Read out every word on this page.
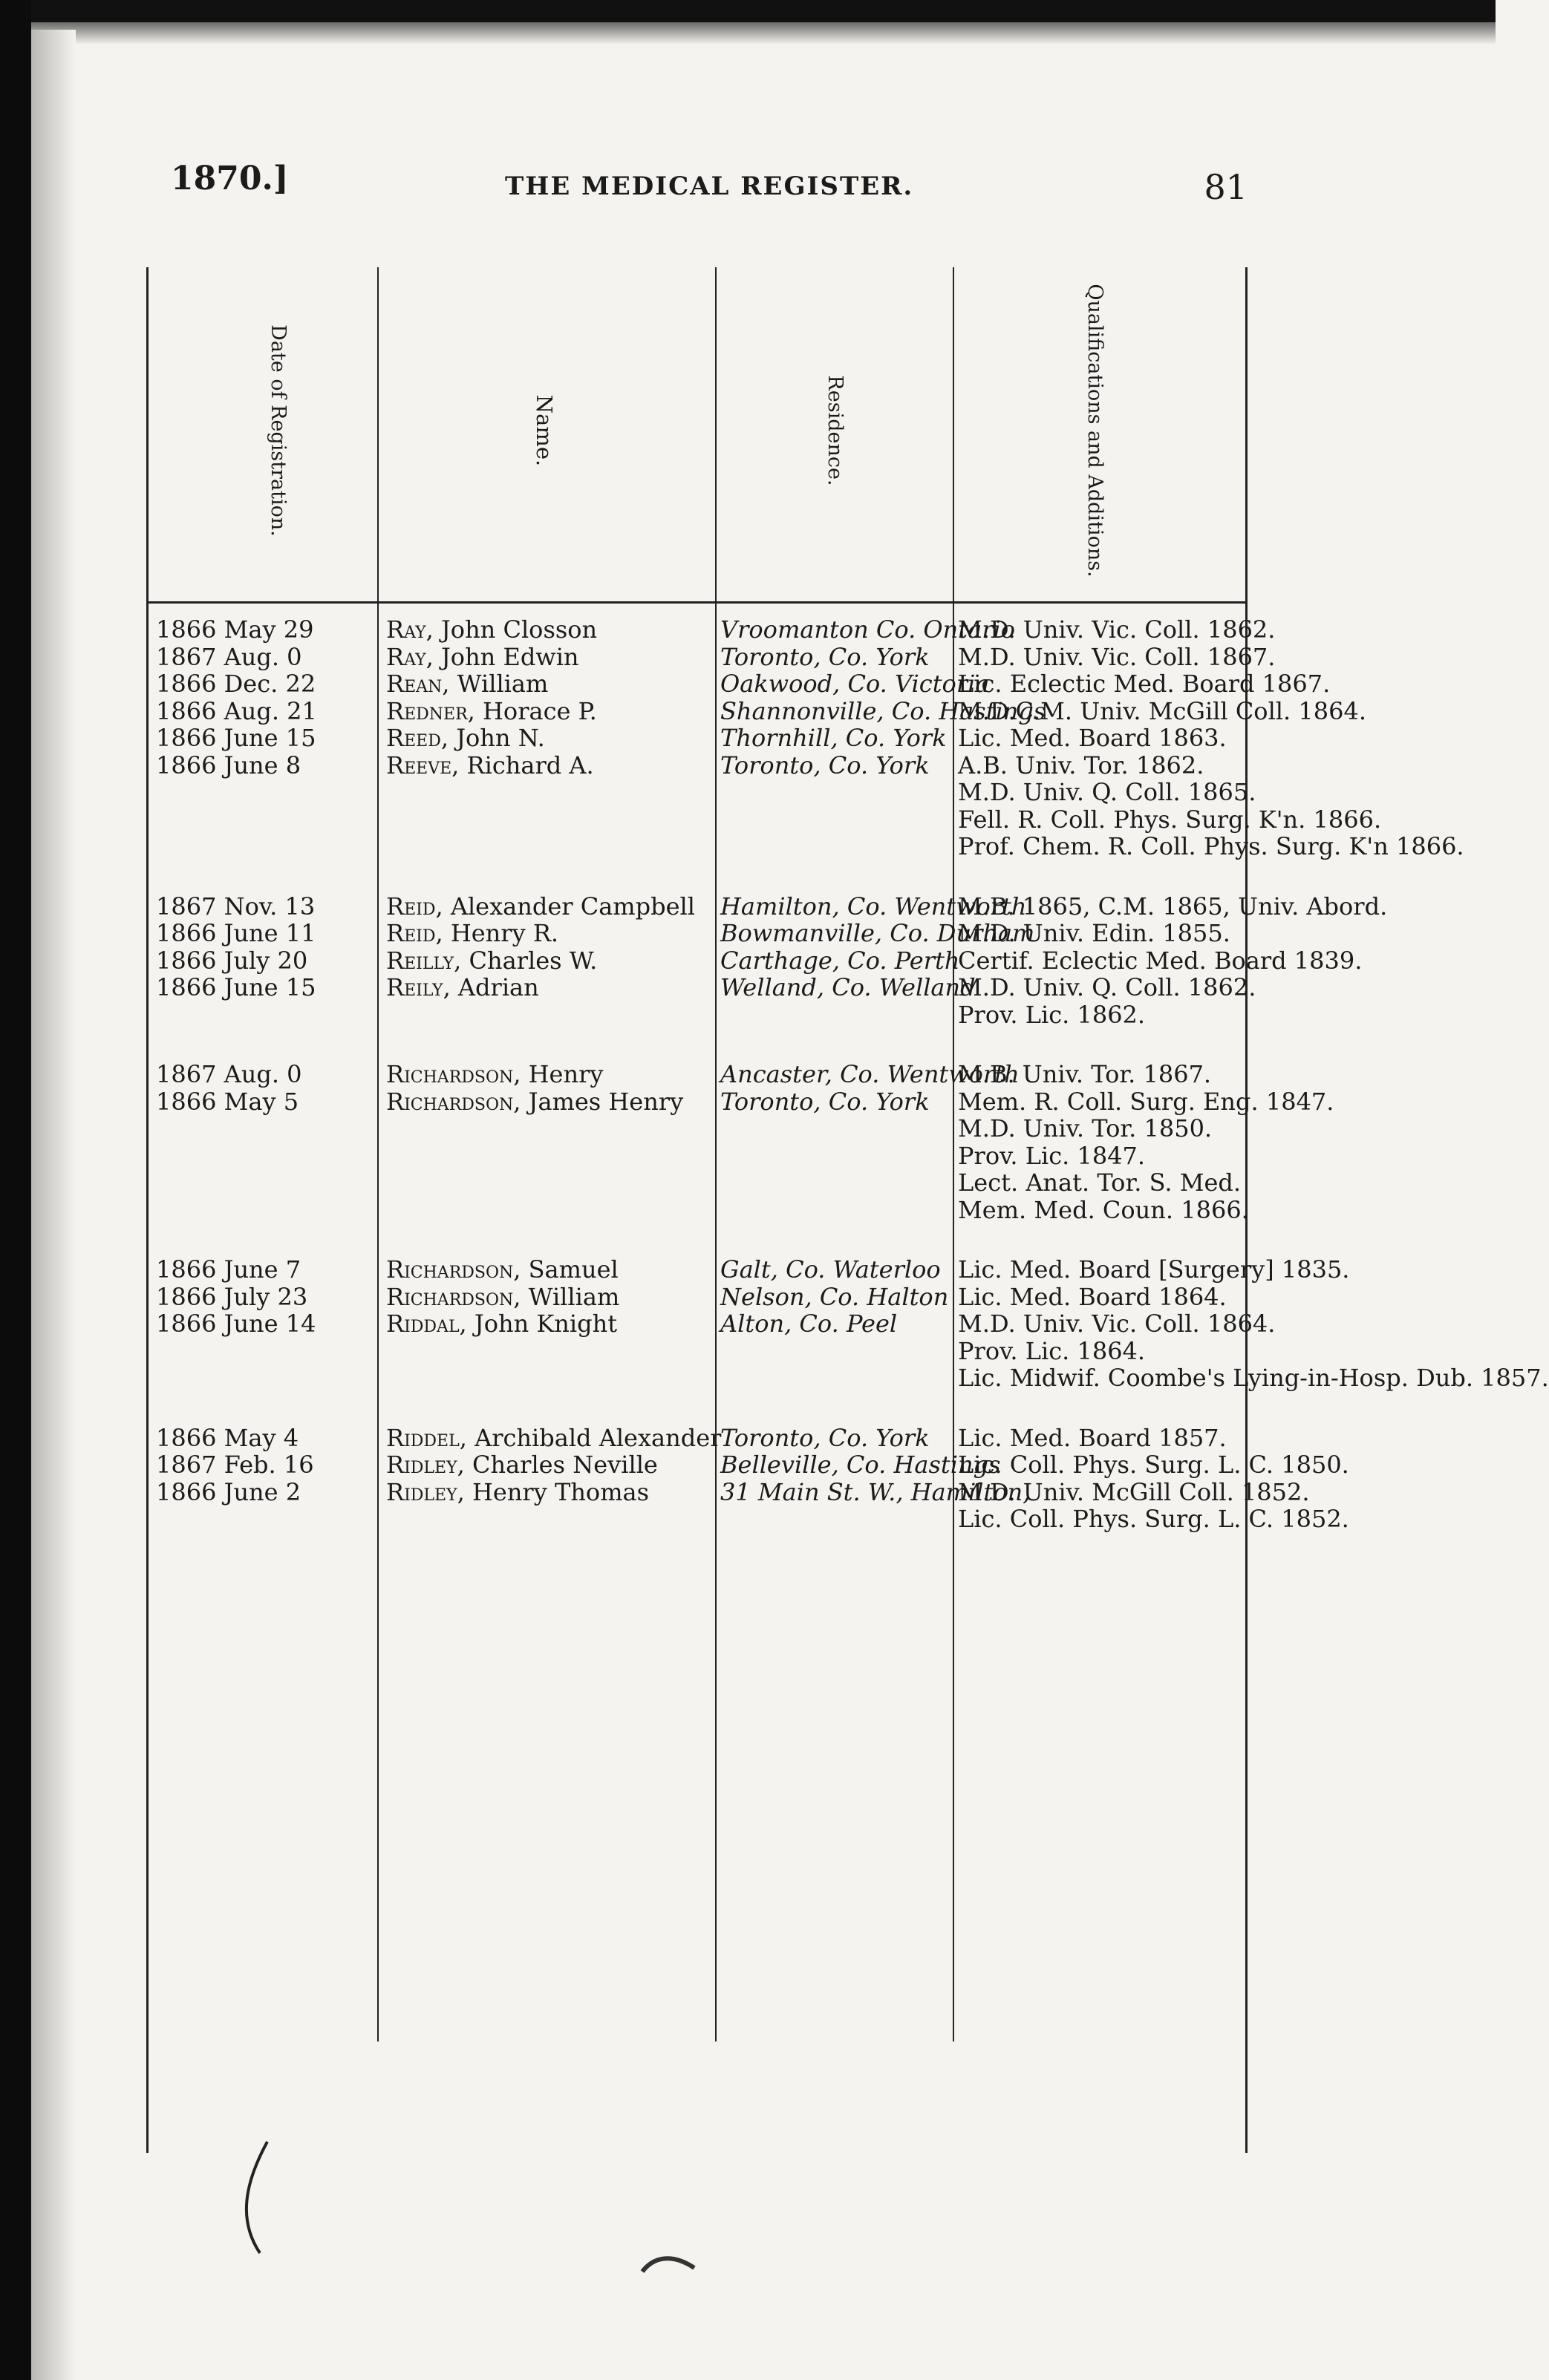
1870.]	THE MEDICAL REGISTER.	81
Qualifications and Additions.
Residence.
Name.
Date of Registration.
M.D. Univ. Vic. Coll. 1862.
Vroomanton Co. Ontario
Ray, John Closson
1866 May 29
M.D. Univ. Vic. Coll. 1867.
Toronto, Co. York
Ray, John Edwin
1867 Aug. 0
Lic. Eclectic Med. Board 1867.
Oakwood, Co. Victoria
Rean, William
1866 Dec. 22
M.D.C.M. Univ. McGill Coll. 1864.
Shannonville, Co. Hastings
Redner, Horace P.
1866 Aug. 21
Lic. Med. Board 1863.
Thornhill, Co. York
Reed, John N.
1866 June 15
A.B. Univ. Tor. 1862.
M.D. Univ. Q. Coll. 1865.
Fell. R. Coll. Phys. Surg. K'n. 1866.
Prof. Chem. R. Coll. Phys. Surg. K'n 1866.
Toronto, Co. York
Reeve, Richard A.
1866 June 8
M.B. 1865, C.M. 1865, Univ. Abord.
Hamilton, Co. Wentworth
Reid, Alexander Campbell
1867 Nov. 13
M.D. Univ. Edin. 1855.
Bowmanville, Co. Durham
Reid, Henry R.
1866 June 11
Certif. Eclectic Med. Board 1839.
Carthage, Co. Perth
Reilly, Charles W.
1866 July 20
M.D. Univ. Q. Coll. 1862.
Prov. Lic. 1862.
Welland, Co. Welland
Reily, Adrian
1866 June 15
M.B. Univ. Tor. 1867.
Ancaster, Co. Wentworth
Richardson, Henry
1867 Aug. 0
Mem. R. Coll. Surg. Eng. 1847.
M.D. Univ. Tor. 1850.
Prov. Lic. 1847.
Lect. Anat. Tor. S. Med.
Mem. Med. Coun. 1866.
Toronto, Co. York
Richardson, James Henry
1866 May 5
Lic. Med. Board [Surgery] 1835.
Galt, Co. Waterloo
Richardson, Samuel
1866 June 7
Lic. Med. Board 1864.
Nelson, Co. Halton
Richardson, William
1866 July 23
M.D. Univ. Vic. Coll. 1864.
Prov. Lic. 1864.
Lic. Midwif. Coombe's Lying-in-Hosp. Dub. 1857.
Alton, Co. Peel
Riddal, John Knight
1866 June 14
Lic. Med. Board 1857.
Toronto, Co. York
Riddel, Archibald Alexander
1866 May 4
Lic. Coll. Phys. Surg. L. C. 1850.
Belleville, Co. Hastings
Ridley, Charles Neville
1867 Feb. 16
M.D. Univ. McGill Coll. 1852.
Lic. Coll. Phys. Surg. L. C. 1852.
31 Main St. W., Hamilton,
Ridley, Henry Thomas
1866 June 2
